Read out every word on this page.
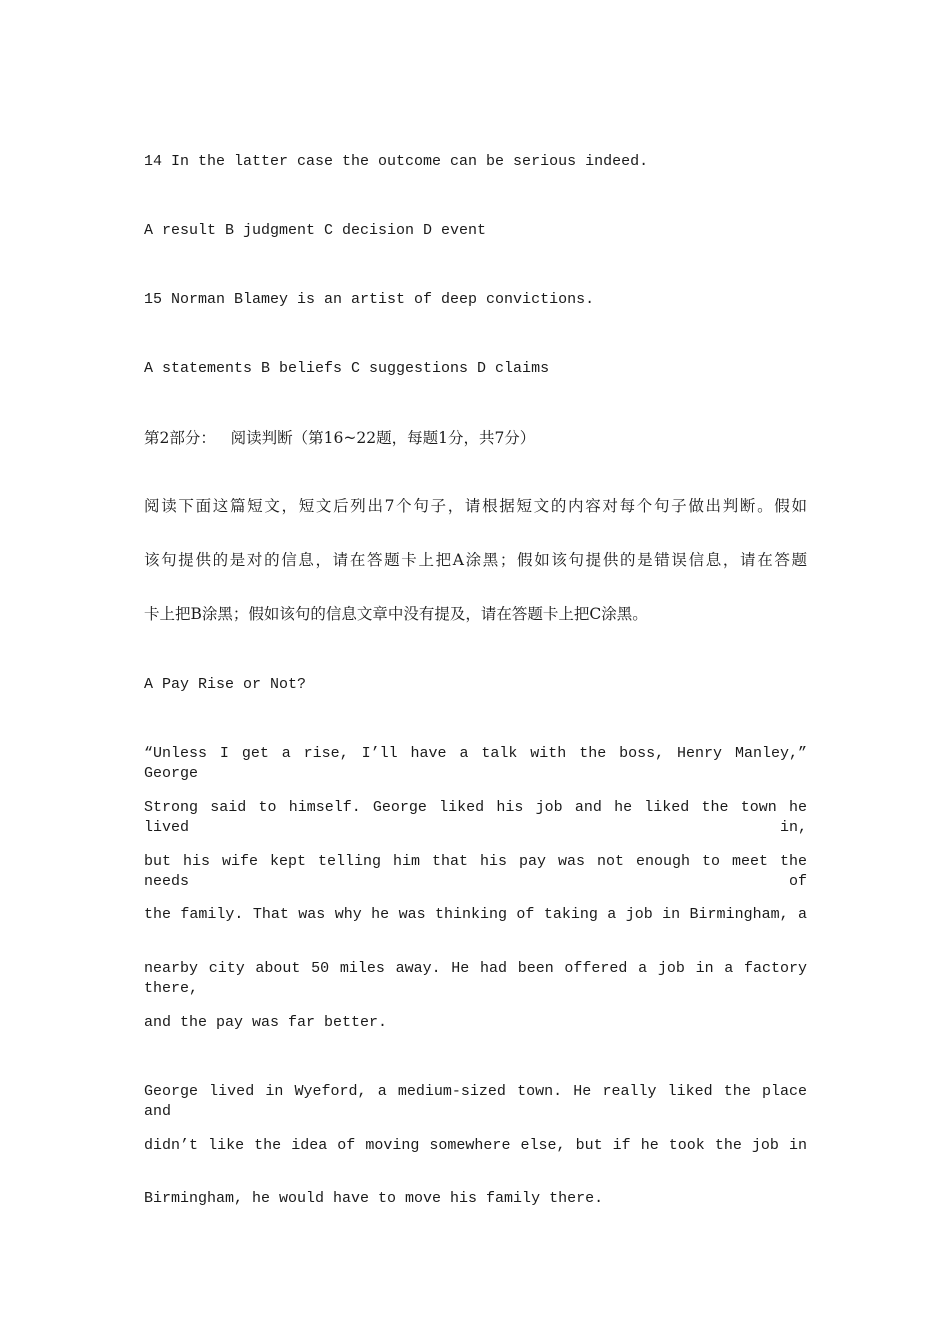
14 In the latter case the outcome can be serious indeed.
A result B judgment C decision D event
15 Norman Blamey is an artist of deep convictions.
A statements B beliefs C suggestions D claims
第2部分：   阅读判断（第16~22题，每题1分，共7分）
阅读下面这篇短文，短文后列出7个句子，请根据短文的内容对每个句子做出判断。假如
该句提供的是对的信息，请在答题卡上把A涂黑；假如该句提供的是错误信息，请在答题
卡上把B涂黑；假如该句的信息文章中没有提及，请在答题卡上把C涂黑。
A Pay Rise or Not?
“Unless I get a rise, I’ll have a talk with the boss, Henry Manley,” George
Strong said to himself. George liked his job and he liked the town he lived in,
but his wife kept telling him that his pay was not enough to meet the needs of
the family. That was why he was thinking of taking a job in Birmingham, a
nearby city about 50 miles away. He had been offered a job in a factory there,
and the pay was far better.
George lived in Wyeford, a medium-sized town. He really liked the place and
didn’t like the idea of moving somewhere else, but if he took the job in
Birmingham, he would have to move his family there.
